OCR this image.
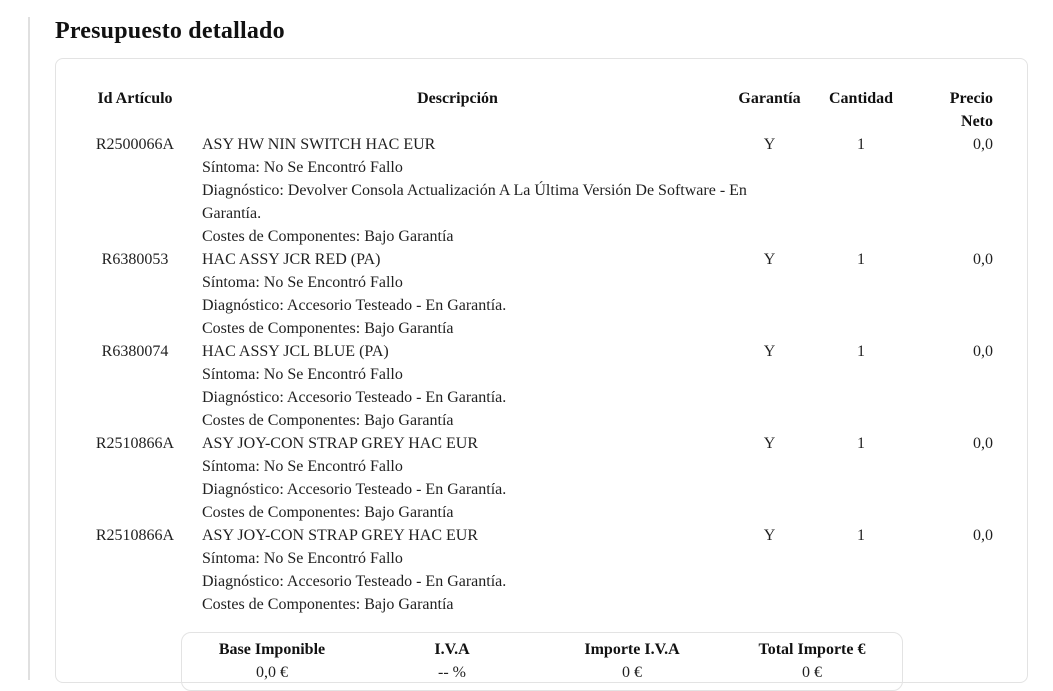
Presupuesto detallado
Id Artículo	Descripción	Garantía	Cantidad	Precio Neto
R2500066A ASY HW NIN SWITCH HAC EUR
Síntoma: No Se Encontró Fallo
Diagnóstico: Devolver Consola Actualización A La Última Versión De Software - En
Garantía.
Costes de Componentes: Bajo Garantía
Y	1	0,0
R6380053	HAC ASSY JCR RED (PA)
Síntoma: No Se Encontró Fallo
Diagnóstico: Accesorio Testeado - En Garantía.
Costes de Componentes: Bajo Garantía
Y	1	0,0
R6380074	HAC ASSY JCL BLUE (PA)
Síntoma: No Se Encontró Fallo
Diagnóstico: Accesorio Testeado - En Garantía.
Costes de Componentes: Bajo Garantía
Y	1	0,0
R2510866A ASY JOY-CON STRAP GREY HAC EUR
Síntoma: No Se Encontró Fallo
Diagnóstico: Accesorio Testeado - En Garantía.
Costes de Componentes: Bajo Garantía
Y	1	0,0
R2510866A ASY JOY-CON STRAP GREY HAC EUR
Síntoma: No Se Encontró Fallo
Diagnóstico: Accesorio Testeado - En Garantía.
Costes de Componentes: Bajo Garantía
Y	1	0,0
Base Imponible	I.V.A	Importe I.V.A	Total Importe €
0,0 €	-- %	0 €	0 €
